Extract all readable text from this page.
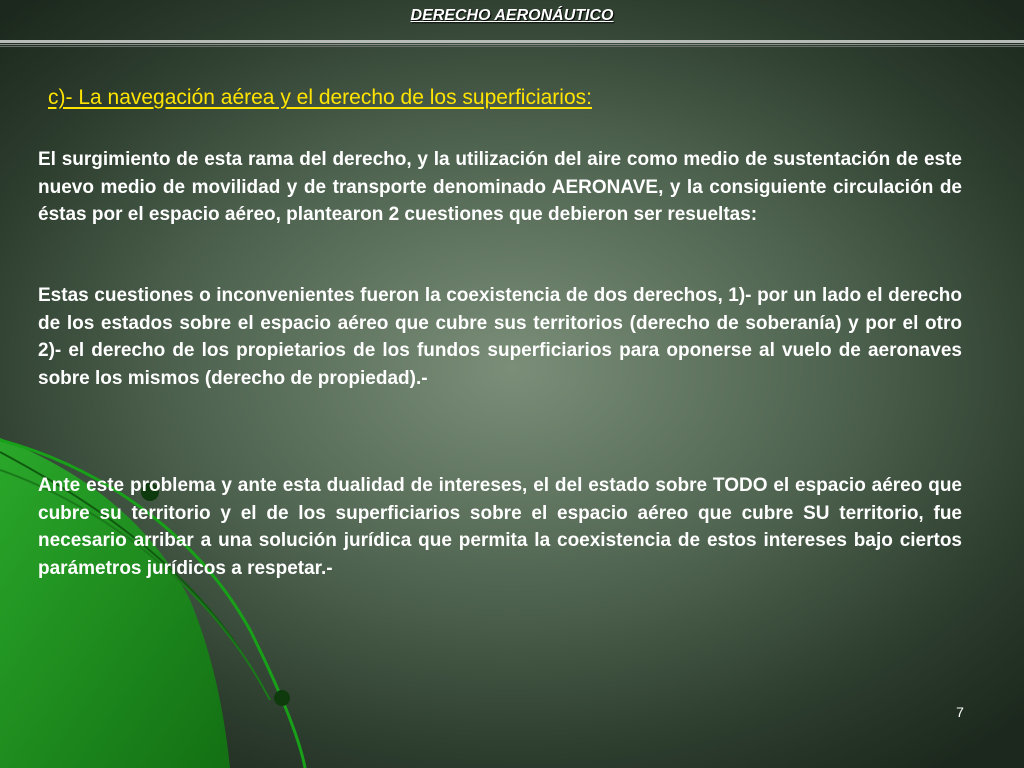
DERECHO AERONÁUTICO
c)- La navegación aérea y el derecho de los superficiarios:

El surgimiento de esta rama del derecho, y la utilización del aire como medio de sustentación de este nuevo medio de movilidad y de transporte denominado AERONAVE, y la consiguiente circulación de éstas por el espacio aéreo, plantearon 2 cuestiones que debieron ser resueltas:

Estas cuestiones o inconvenientes fueron la coexistencia de dos derechos, 1)- por un lado el derecho de los estados sobre el espacio aéreo que cubre sus territorios (derecho de soberanía) y por el otro 2)- el derecho de los propietarios de los fundos superficiarios para oponerse al vuelo de aeronaves sobre los mismos (derecho de propiedad).-

Ante este problema y ante esta dualidad de intereses, el del estado sobre TODO el espacio aéreo que cubre su territorio y el de los superficiarios sobre el espacio aéreo que cubre SU territorio, fue necesario arribar a una solución jurídica que permita la coexistencia de estos intereses bajo ciertos parámetros jurídicos a respetar.-

7
